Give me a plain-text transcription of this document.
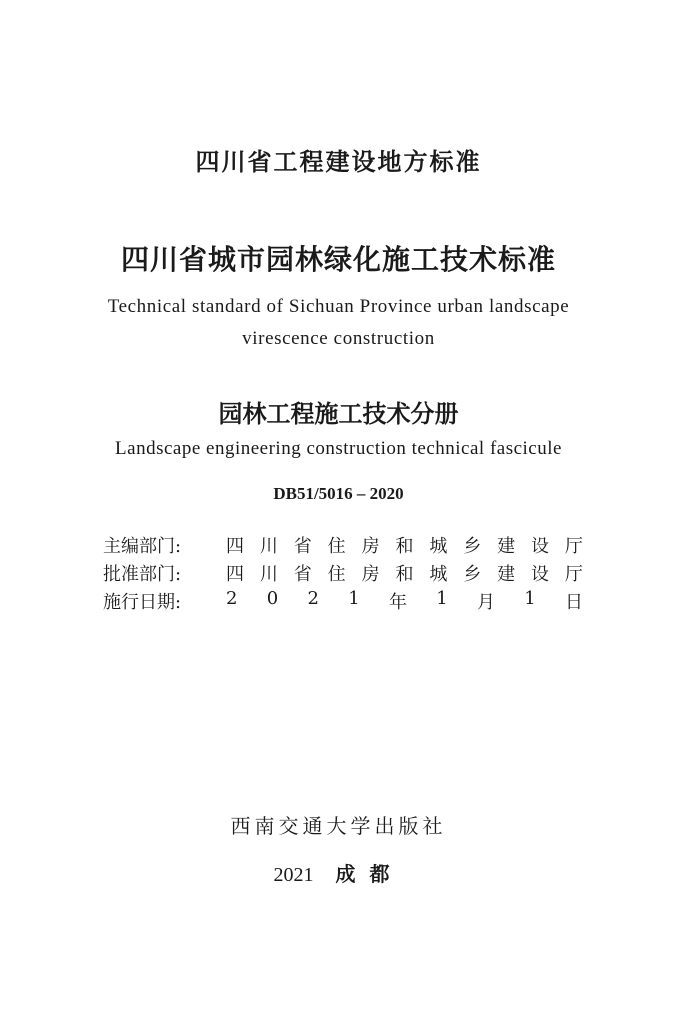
四川省工程建设地方标准
四川省城市园林绿化施工技术标准
Technical standard of Sichuan Province urban landscape
virescence construction
园林工程施工技术分册
Landscape engineering construction technical fascicule
DB51/5016 – 2020
主编部门: 四 川 省 住 房 和 城 乡 建 设 厅
批准部门: 四 川 省 住 房 和 城 乡 建 设 厅
施行日期: 2 0 2 1 年 1 月 1 日
西南交通大学出版社
2021 成都
